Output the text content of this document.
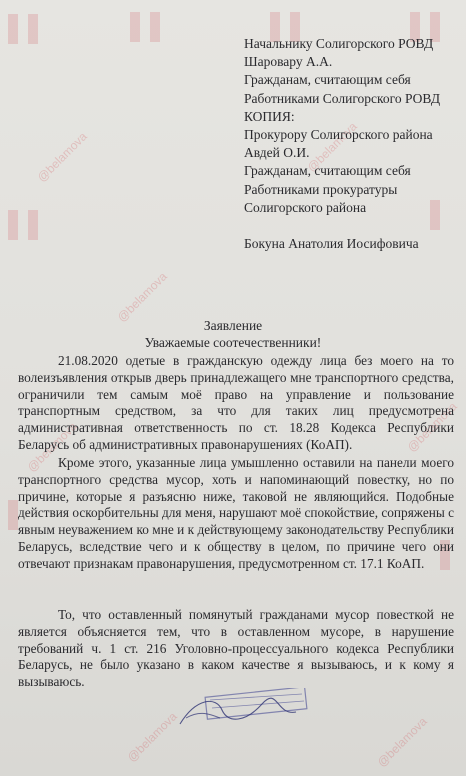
@belamova	@belamova
@belamova
@belamova
@belamova
@belamova	@belamova
Начальнику Солигорского РОВД
Шаровару А.А.
Гражданам, считающим себя
Работниками Солигорского РОВД
КОПИЯ:
Прокурору Солигорского района
Авдей О.И.
Гражданам, считающим себя
Работниками прокуратуры
Солигорского района
Бокуна Анатолия Иосифовича
Заявление
Уважаемые соотечественники!
21.08.2020 одетые в гражданскую одежду лица без моего на то волеизъявления открыв дверь принадлежащего мне транспортного средства, ограничили тем самым моё право на управление и пользование транспортным средством, за что для таких лиц предусмотрена административная ответственность по ст. 18.28 Кодекса Республики Беларусь об административных правонарушениях (КоАП).
Кроме этого, указанные лица умышленно оставили на панели моего транспортного средства мусор, хоть и напоминающий повестку, но по причине, которые я разъясню ниже, таковой не являющийся. Подобные действия оскорбительны для меня, нарушают моё спокойствие, сопряжены с явным неуважением ко мне и к действующему законодательству Республики Беларусь, вследствие чего и к обществу в целом, по причине чего они отвечают признакам правонарушения, предусмотренном ст. 17.1 КоАП.
То, что оставленный помянутый гражданами мусор повесткой не является объясняется тем, что в оставленном мусоре, в нарушение требований ч. 1 ст. 216 Уголовно-процессуального кодекса Республики Беларусь, не было указано в каком качестве я вызываюсь, и к кому я вызываюсь.
